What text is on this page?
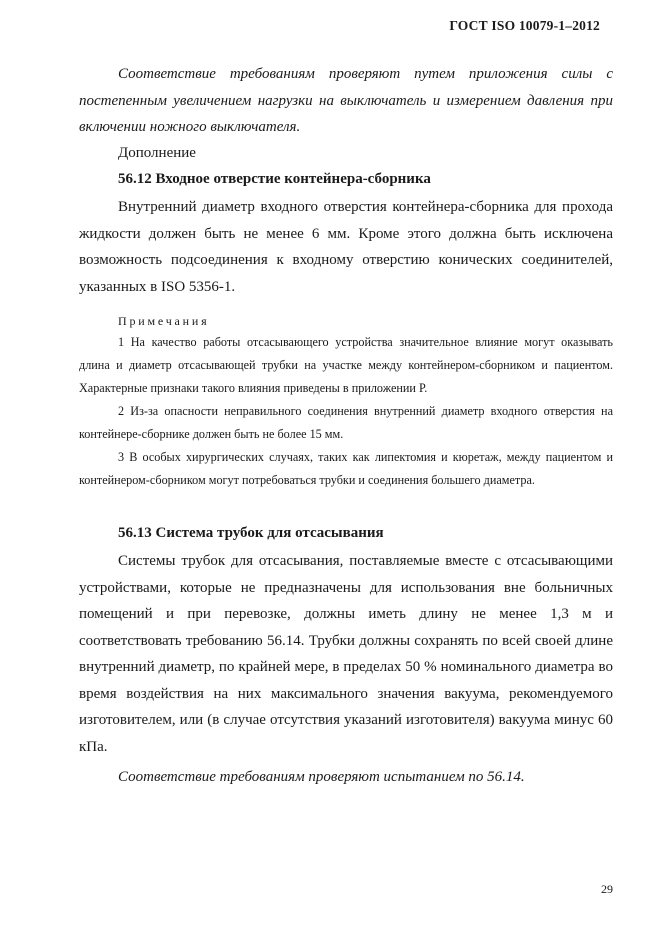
ГОСТ ISO 10079-1–2012
Соответствие требованиям проверяют путем приложения силы с постепенным увеличением нагрузки на выключатель и измерением давления при включении ножного выключателя.
Дополнение
56.12 Входное отверстие контейнера-сборника
Внутренний диаметр входного отверстия контейнера-сборника для прохода жидкости должен быть не менее 6 мм. Кроме этого должна быть исключена возможность подсоединения к входному отверстию конических соединителей, указанных в ISO 5356-1.
Примечания
1 На качество работы отсасывающего устройства значительное влияние могут оказывать длина и диаметр отсасывающей трубки на участке между контейнером-сборником и пациентом. Характерные признаки такого влияния приведены в приложении Р.
2 Из-за опасности неправильного соединения внутренний диаметр входного отверстия на контейнере-сборнике должен быть не более 15 мм.
3 В особых хирургических случаях, таких как липектомия и кюретаж, между пациентом и контейнером-сборником могут потребоваться трубки и соединения большего диаметра.
56.13 Система трубок для отсасывания
Системы трубок для отсасывания, поставляемые вместе с отсасывающими устройствами, которые не предназначены для использования вне больничных помещений и при перевозке, должны иметь длину не менее 1,3 м и соответствовать требованию 56.14. Трубки должны сохранять по всей своей длине внутренний диаметр, по крайней мере, в пределах 50 % номинального диаметра во время воздействия на них максимального значения вакуума, рекомендуемого изготовителем, или (в случае отсутствия указаний изготовителя) вакуума минус 60 кПа.
Соответствие требованиям проверяют испытанием по 56.14.
29
